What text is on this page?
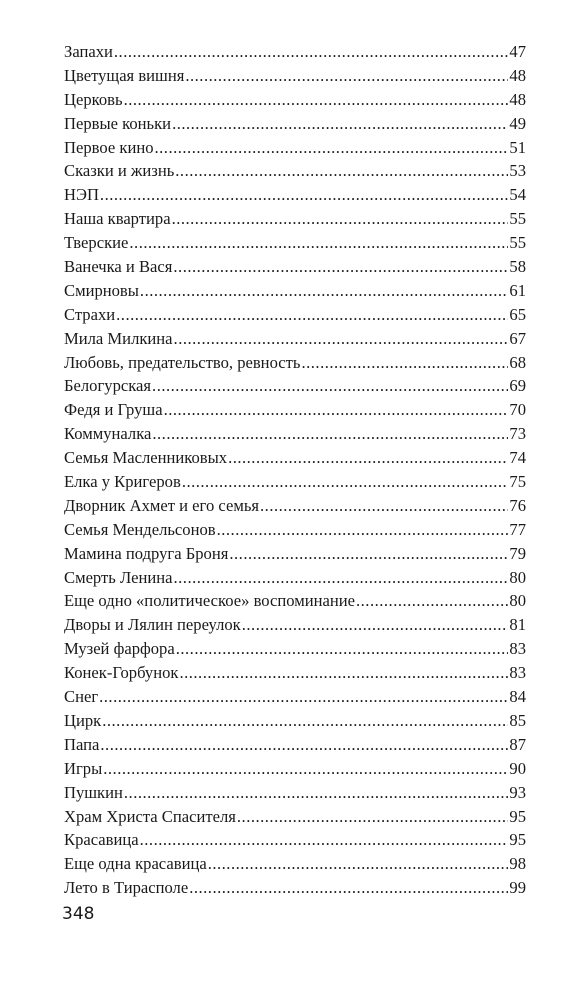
Запахи .....	47
Цветущая вишня .....	48
Церковь .....	48
Первые коньки .....	49
Первое кино .....	51
Сказки и жизнь .....	53
НЭП .....	54
Наша квартира .....	55
Тверские .....	55
Ванечка и Вася .....	58
Смирновы .....	61
Страхи .....	65
Мила Милкина .....	67
Любовь, предательство, ревность .....	68
Белогурская .....	69
Федя и Груша .....	70
Коммуналка .....	73
Семья Масленниковых .....	74
Елка у Кригеров .....	75
Дворник Ахмет и его семья .....	76
Семья Мендельсонов .....	77
Мамина подруга Броня .....	79
Смерть Ленина .....	80
Еще одно «политическое» воспоминание .....	80
Дворы и Лялин переулок .....	81
Музей фарфора .....	83
Конек-Горбунок .....	83
Снег .....	84
Цирк .....	85
Папа .....	87
Игры .....	90
Пушкин .....	93
Храм Христа Спасителя .....	95
Красавица .....	95
Еще одна красавица .....	98
Лето в Тирасполе .....	99
348
